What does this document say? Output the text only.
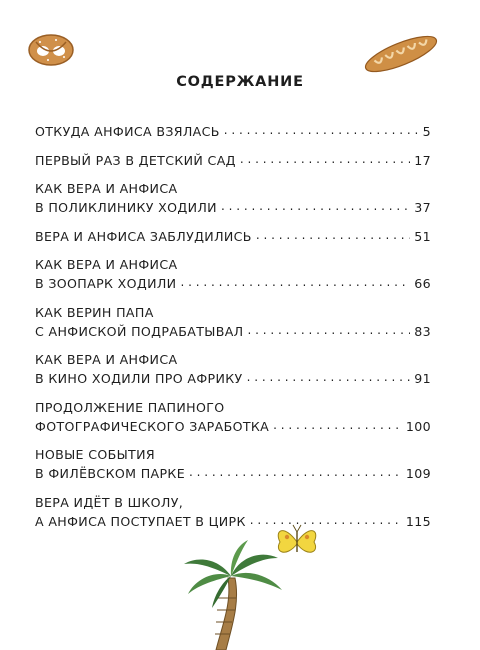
СОДЕРЖАНИЕ
ОТКУДА АНФИСА ВЗЯЛАСЬ . . .	5
ПЕРВЫЙ РАЗ В ДЕТСКИЙ САД . . .	17
КАК ВЕРА И АНФИСА
В ПОЛИКЛИНИКУ ХОДИЛИ . . .	37
ВЕРА И АНФИСА ЗАБЛУДИЛИСЬ . . .	51
КАК ВЕРА И АНФИСА
В ЗООПАРК ХОДИЛИ . . .	66
КАК ВЕРИН ПАПА
С АНФИСКОЙ ПОДРАБАТЫВАЛ . . .	83
КАК ВЕРА И АНФИСА
В КИНО ХОДИЛИ ПРО АФРИКУ . . .	91
ПРОДОЛЖЕНИЕ ПАПИНОГО
ФОТОГРАФИЧЕСКОГО ЗАРАБОТКА . . .	100
НОВЫЕ СОБЫТИЯ
В ФИЛЁВСКОМ ПАРКЕ . . .	109
ВЕРА ИДЁТ В ШКОЛУ,
А АНФИСА ПОСТУПАЕТ В ЦИРК . . .	115
